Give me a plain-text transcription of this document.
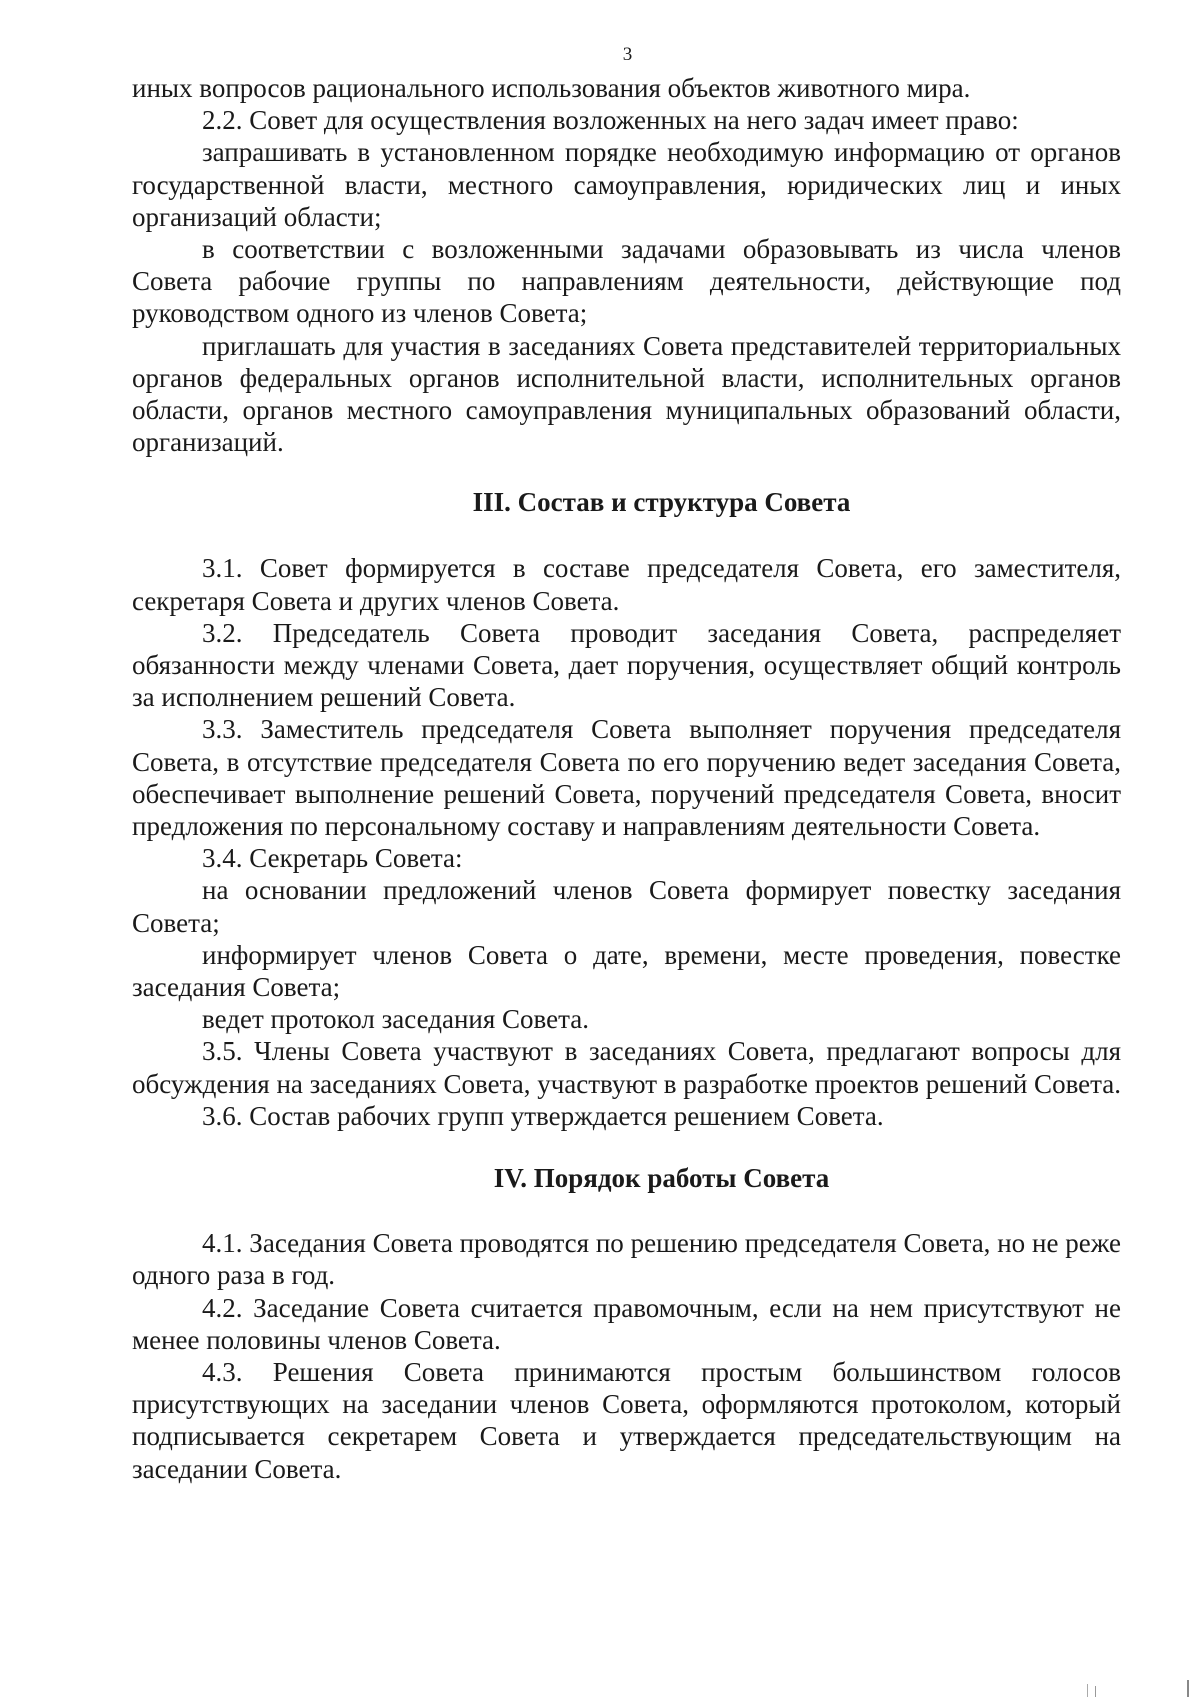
3

иных вопросов рационального использования объектов животного мира.

2.2. Совет для осуществления возложенных на него задач имеет право:

запрашивать в установленном порядке необходимую информацию от органов государственной власти, местного самоуправления, юридических лиц и иных организаций области;

в соответствии с возложенными задачами образовывать из числа членов Совета рабочие группы по направлениям деятельности, действующие под руководством одного из членов Совета;

приглашать для участия в заседаниях Совета представителей территориальных органов федеральных органов исполнительной власти, исполнительных органов области, органов местного самоуправления муниципальных образований области, организаций.

III. Состав и структура Совета

3.1. Совет формируется в составе председателя Совета, его заместителя, секретаря Совета и других членов Совета.

3.2. Председатель Совета проводит заседания Совета, распределяет обязанности между членами Совета, дает поручения, осуществляет общий контроль за исполнением решений Совета.

3.3. Заместитель председателя Совета выполняет поручения председателя Совета, в отсутствие председателя Совета по его поручению ведет заседания Совета, обеспечивает выполнение решений Совета, поручений председателя Совета, вносит предложения по персональному составу и направлениям деятельности Совета.

3.4. Секретарь Совета:

на основании предложений членов Совета формирует повестку заседания Совета;

информирует членов Совета о дате, времени, месте проведения, повестке заседания Совета;

ведет протокол заседания Совета.

3.5. Члены Совета участвуют в заседаниях Совета, предлагают вопросы для обсуждения на заседаниях Совета, участвуют в разработке проектов решений Совета.

3.6. Состав рабочих групп утверждается решением Совета.

IV. Порядок работы Совета

4.1. Заседания Совета проводятся по решению председателя Совета, но не реже одного раза в год.

4.2. Заседание Совета считается правомочным, если на нем присутствуют не менее половины членов Совета.

4.3. Решения Совета принимаются простым большинством голосов присутствующих на заседании членов Совета, оформляются протоколом, который подписывается секретарем Совета и утверждается председательствующим на заседании Совета.
